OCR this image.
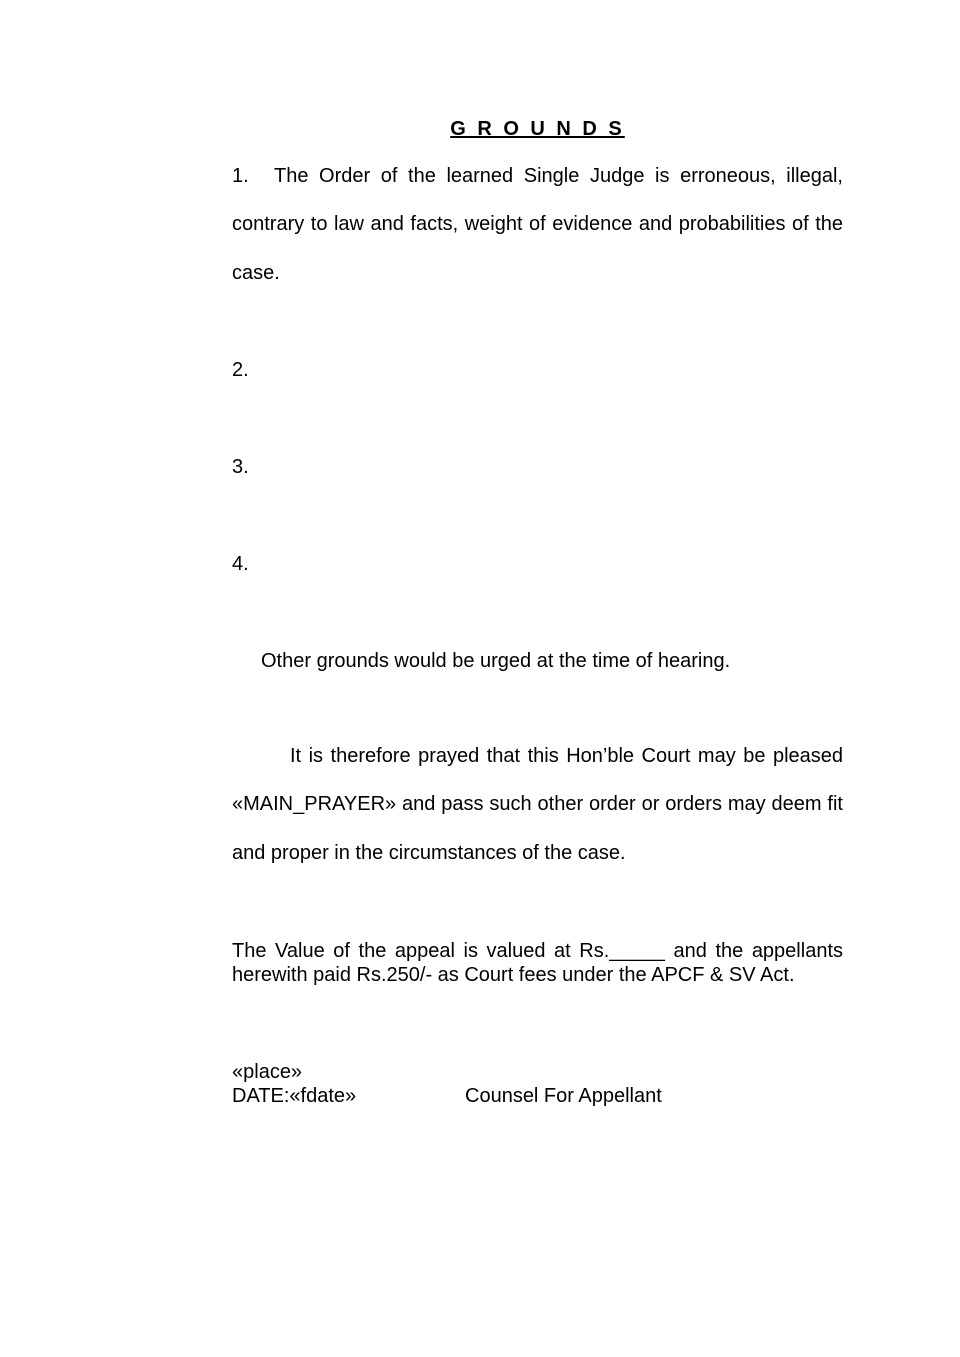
G R O U N D S
1. The Order of the learned Single Judge is erroneous, illegal, contrary to law and facts, weight of evidence and probabilities of the case.
2.
3.
4.
Other grounds would be urged at the time of hearing.
It is therefore prayed that this Hon’ble Court may be pleased «MAIN_PRAYER» and pass such other order or orders may deem fit and proper in the circumstances of the case.
The Value of the appeal is valued at Rs._____ and the appellants herewith paid Rs.250/- as Court fees under the APCF & SV Act.
«place»
DATE:«fdate»	Counsel For Appellant
